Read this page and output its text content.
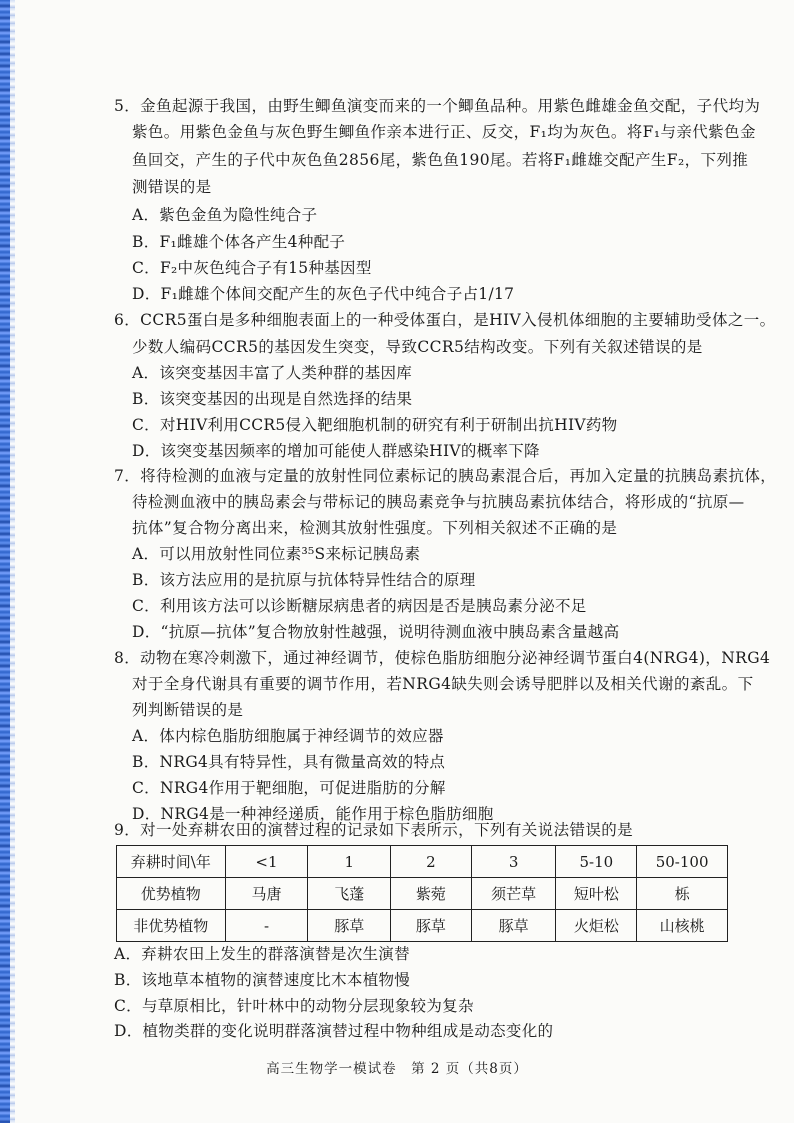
5．金鱼起源于我国，由野生鲫鱼演变而来的一个鲫鱼品种。用紫色雌雄金鱼交配，子代均为
紫色。用紫色金鱼与灰色野生鲫鱼作亲本进行正、反交，F₁均为灰色。将F₁与亲代紫色金
鱼回交，产生的子代中灰色鱼2856尾，紫色鱼190尾。若将F₁雌雄交配产生F₂，下列推
测错误的是
A．紫色金鱼为隐性纯合子
B．F₁雌雄个体各产生4种配子
C．F₂中灰色纯合子有15种基因型
D．F₁雌雄个体间交配产生的灰色子代中纯合子占1/17
6．CCR5蛋白是多种细胞表面上的一种受体蛋白，是HIV入侵机体细胞的主要辅助受体之一。
少数人编码CCR5的基因发生突变，导致CCR5结构改变。下列有关叙述错误的是
A．该突变基因丰富了人类种群的基因库
B．该突变基因的出现是自然选择的结果
C．对HIV利用CCR5侵入靶细胞机制的研究有利于研制出抗HIV药物
D．该突变基因频率的增加可能使人群感染HIV的概率下降
7．将待检测的血液与定量的放射性同位素标记的胰岛素混合后，再加入定量的抗胰岛素抗体，
待检测血液中的胰岛素会与带标记的胰岛素竞争与抗胰岛素抗体结合，将形成的“抗原—
抗体”复合物分离出来，检测其放射性强度。下列相关叙述不正确的是
A．可以用放射性同位素³⁵S来标记胰岛素
B．该方法应用的是抗原与抗体特异性结合的原理
C．利用该方法可以诊断糖尿病患者的病因是否是胰岛素分泌不足
D．“抗原—抗体”复合物放射性越强，说明待测血液中胰岛素含量越高
8．动物在寒冷刺激下，通过神经调节，使棕色脂肪细胞分泌神经调节蛋白4(NRG4)，NRG4
对于全身代谢具有重要的调节作用，若NRG4缺失则会诱导肥胖以及相关代谢的紊乱。下
列判断错误的是
A．体内棕色脂肪细胞属于神经调节的效应器
B．NRG4具有特异性，具有微量高效的特点
C．NRG4作用于靶细胞，可促进脂肪的分解
D．NRG4是一种神经递质，能作用于棕色脂肪细胞
9．对一处弃耕农田的演替过程的记录如下表所示，下列有关说法错误的是
弃耕时间\年	<1	1	2	3	5-10	50-100
优势植物	马唐	飞蓬	紫菀	须芒草	短叶松	栎
非优势植物	-	豚草	豚草	豚草	火炬松	山核桃
A．弃耕农田上发生的群落演替是次生演替
B．该地草本植物的演替速度比木本植物慢
C．与草原相比，针叶林中的动物分层现象较为复杂
D．植物类群的变化说明群落演替过程中物种组成是动态变化的
高三生物学一模试卷　第 2 页（共8页）
